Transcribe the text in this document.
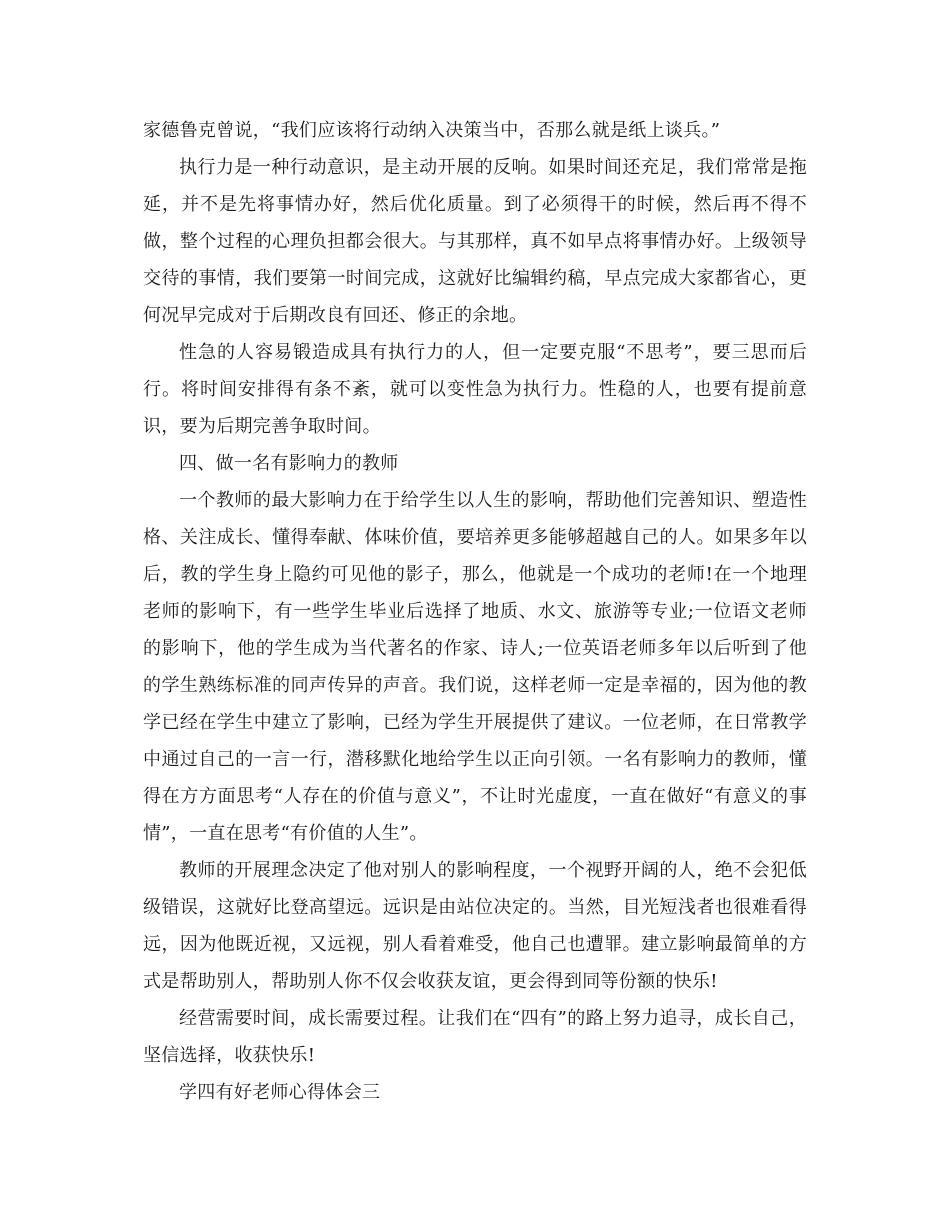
家德鲁克曾说，“我们应该将行动纳入决策当中，否那么就是纸上谈兵。”

执行力是一种行动意识，是主动开展的反响。如果时间还充足，我们常常是拖延，并不是先将事情办好，然后优化质量。到了必须得干的时候，然后再不得不做，整个过程的心理负担都会很大。与其那样，真不如早点将事情办好。上级领导交待的事情，我们要第一时间完成，这就好比编辑约稿，早点完成大家都省心，更何况早完成对于后期改良有回还、修正的余地。

性急的人容易锻造成具有执行力的人，但一定要克服“不思考”，要三思而后行。将时间安排得有条不紊，就可以变性急为执行力。性稳的人，也要有提前意识，要为后期完善争取时间。

四、做一名有影响力的教师

一个教师的最大影响力在于给学生以人生的影响，帮助他们完善知识、塑造性格、关注成长、懂得奉献、体味价值，要培养更多能够超越自己的人。如果多年以后，教的学生身上隐约可见他的影子，那么，他就是一个成功的老师!在一个地理老师的影响下，有一些学生毕业后选择了地质、水文、旅游等专业;一位语文老师的影响下，他的学生成为当代著名的作家、诗人;一位英语老师多年以后听到了他的学生熟练标准的同声传异的声音。我们说，这样老师一定是幸福的，因为他的教学已经在学生中建立了影响，已经为学生开展提供了建议。一位老师，在日常教学中通过自己的一言一行，潜移默化地给学生以正向引领。一名有影响力的教师，懂得在方方面思考“人存在的价值与意义”，不让时光虚度，一直在做好“有意义的事情”，一直在思考“有价值的人生”。

教师的开展理念决定了他对别人的影响程度，一个视野开阔的人，绝不会犯低级错误，这就好比登高望远。远识是由站位决定的。当然，目光短浅者也很难看得远，因为他既近视，又远视，别人看着难受，他自己也遭罪。建立影响最简单的方式是帮助别人，帮助别人你不仅会收获友谊，更会得到同等份额的快乐!

经营需要时间，成长需要过程。让我们在“四有”的路上努力追寻，成长自己，坚信选择，收获快乐!

学四有好老师心得体会三
